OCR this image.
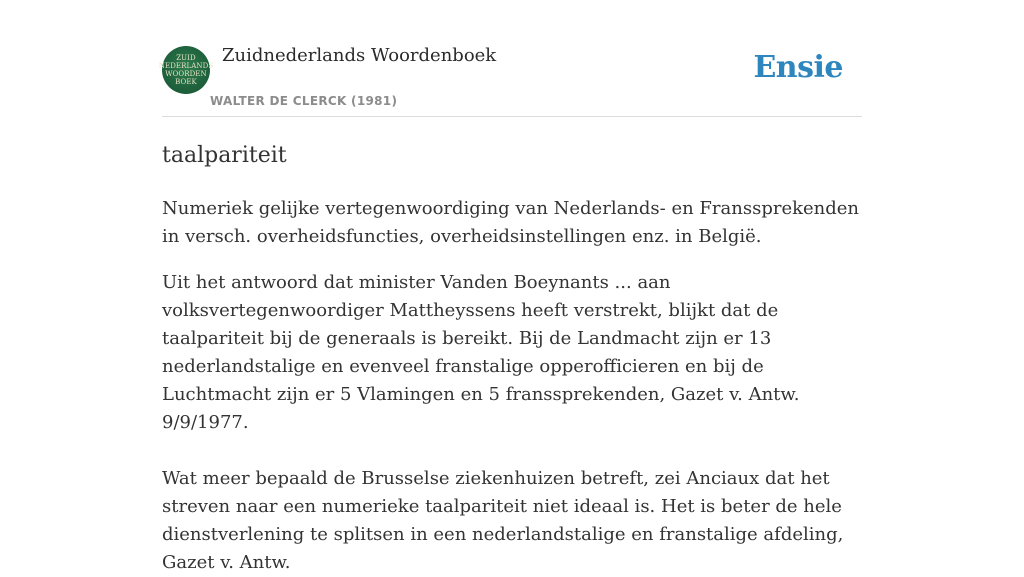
ZUID
NEDERLANDS
WOORDEN
BOEK
Zuidnederlands Woordenboek
WALTER DE CLERCK (1981)
Ensie
taalpariteit

Numeriek gelijke vertegenwoordiging van Nederlands- en Franssprekenden in versch. overheidsfuncties, overheidsinstellingen enz. in België.

Uit het antwoord dat minister Vanden Boeynants ... aan volksvertegenwoordiger Mattheyssens heeft verstrekt, blijkt dat de taalpariteit bij de generaals is bereikt. Bij de Landmacht zijn er 13 nederlandstalige en evenveel franstalige opperofficieren en bij de Luchtmacht zijn er 5 Vlamingen en 5 franssprekenden, Gazet v. Antw. 9/9/1977.

Wat meer bepaald de Brusselse ziekenhuizen betreft, zei Anciaux dat het streven naar een numerieke taalpariteit niet ideaal is. Het is beter de hele dienstverlening te splitsen in een nederlandstalige en franstalige afdeling, Gazet v. Antw.
